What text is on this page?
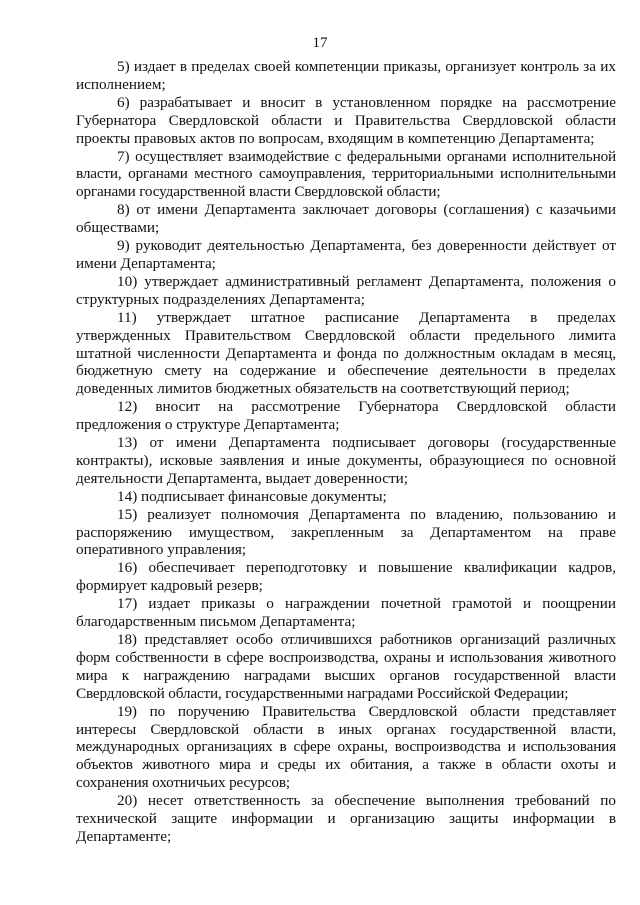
17

5) издает в пределах своей компетенции приказы, организует контроль за их исполнением;

6) разрабатывает и вносит в установленном порядке на рассмотрение Губернатора Свердловской области и Правительства Свердловской области проекты правовых актов по вопросам, входящим в компетенцию Департамента;

7) осуществляет взаимодействие с федеральными органами исполнительной власти, органами местного самоуправления, территориальными исполнительными органами государственной власти Свердловской области;

8) от имени Департамента заключает договоры (соглашения) с казачьими обществами;

9) руководит деятельностью Департамента, без доверенности действует от имени Департамента;

10) утверждает административный регламент Департамента, положения о структурных подразделениях Департамента;

11) утверждает штатное расписание Департамента в пределах утвержденных Правительством Свердловской области предельного лимита штатной численности Департамента и фонда по должностным окладам в месяц, бюджетную смету на содержание и обеспечение деятельности в пределах доведенных лимитов бюджетных обязательств на соответствующий период;

12) вносит на рассмотрение Губернатора Свердловской области предложения о структуре Департамента;

13) от имени Департамента подписывает договоры (государственные контракты), исковые заявления и иные документы, образующиеся по основной деятельности Департамента, выдает доверенности;

14) подписывает финансовые документы;

15) реализует полномочия Департамента по владению, пользованию и распоряжению имуществом, закрепленным за Департаментом на праве оперативного управления;

16) обеспечивает переподготовку и повышение квалификации кадров, формирует кадровый резерв;

17) издает приказы о награждении почетной грамотой и поощрении благодарственным письмом Департамента;

18) представляет особо отличившихся работников организаций различных форм собственности в сфере воспроизводства, охраны и использования животного мира к награждению наградами высших органов государственной власти Свердловской области, государственными наградами Российской Федерации;

19) по поручению Правительства Свердловской области представляет интересы Свердловской области в иных органах государственной власти, международных организациях в сфере охраны, воспроизводства и использования объектов животного мира и среды их обитания, а также в области охоты и сохранения охотничьих ресурсов;

20) несет ответственность за обеспечение выполнения требований по технической защите информации и организацию защиты информации в Департаменте;
